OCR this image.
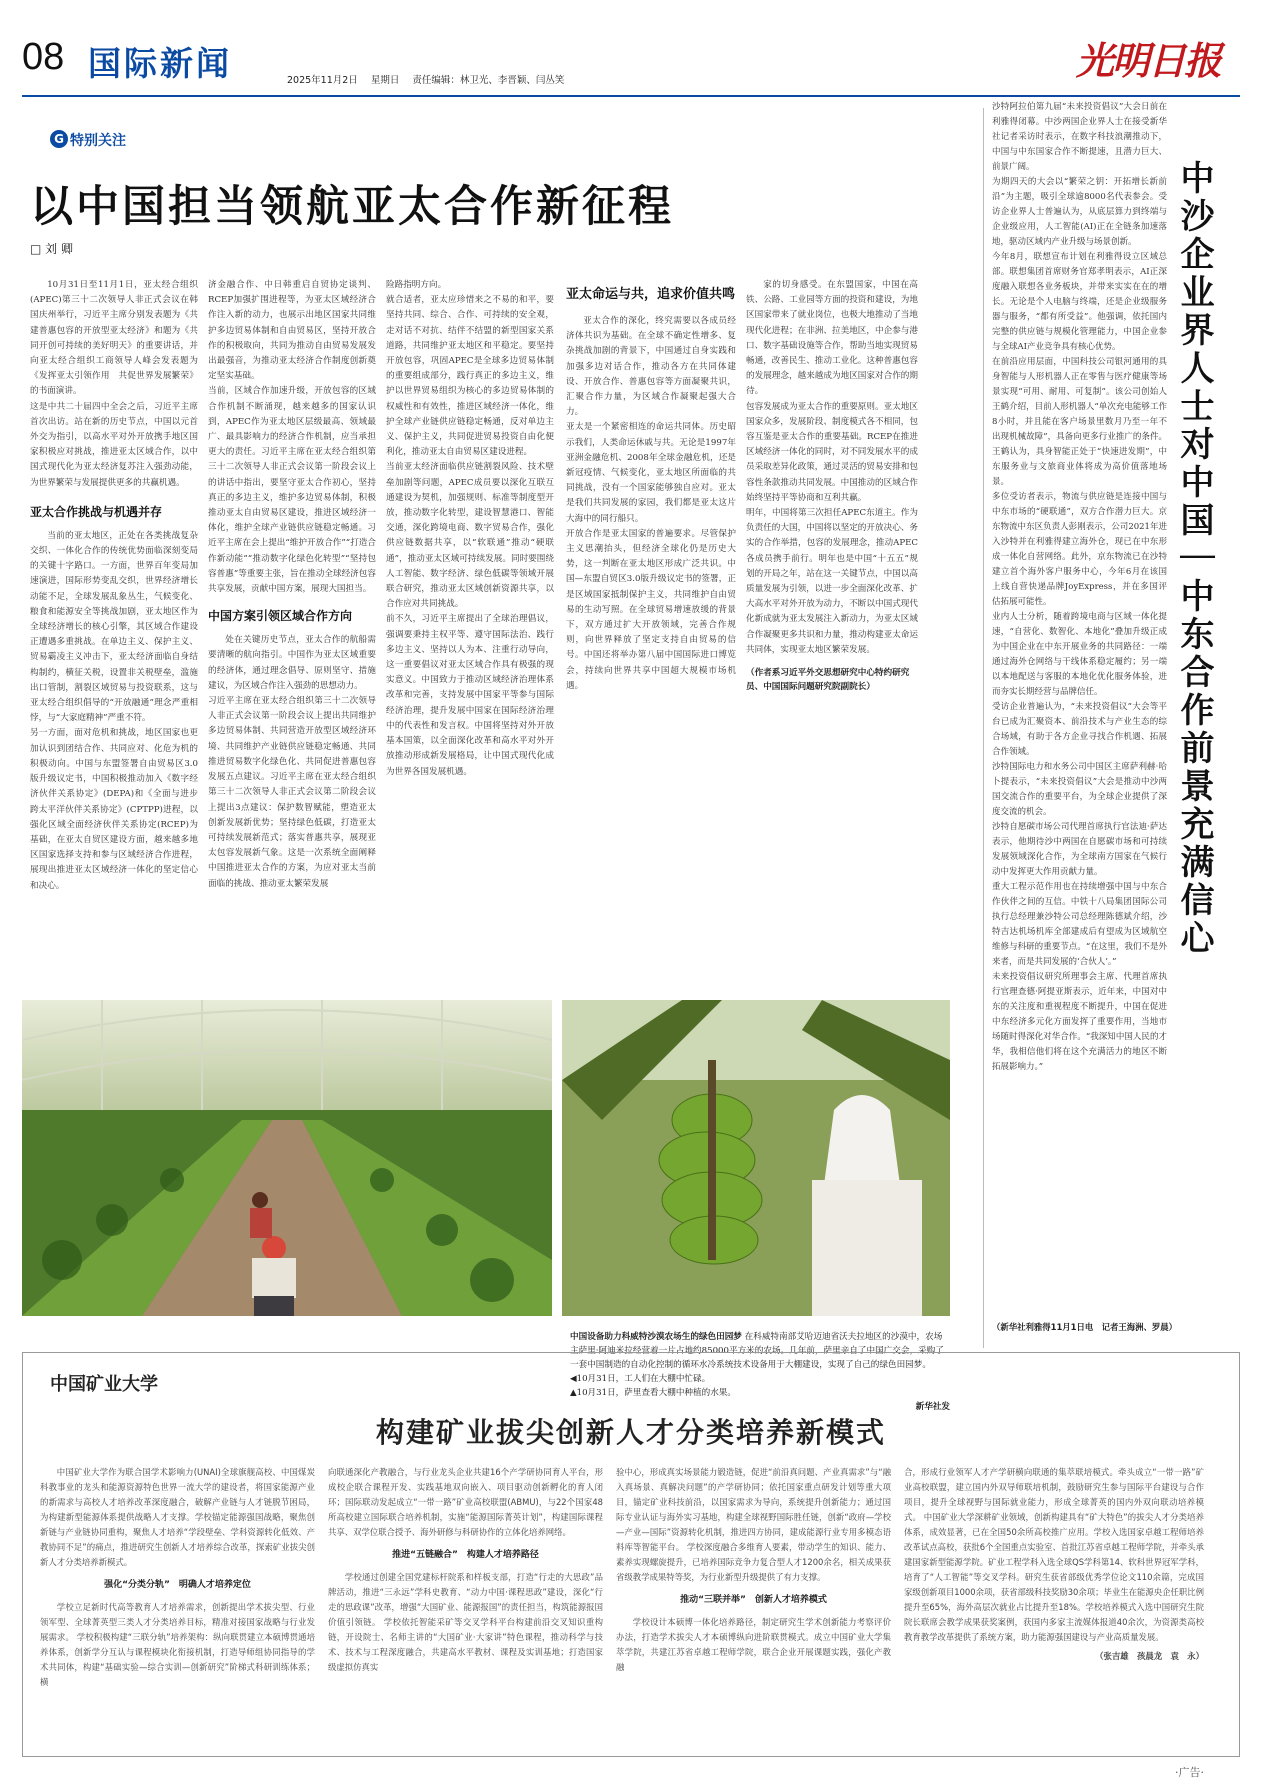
08 国际新闻	2025年11月2日 星期日 责任编辑：林卫光、李晋颖、闫丛笑	光明日报
G 特别关注
以中国担当领航亚太合作新征程
□ 刘 卿
10月31日至11月1日，亚太经合组织(APEC)第三十二次领导人非正式会议在韩国庆州举行，习近平主席分别发表题为《共建普惠包容的开放型亚太经济》和题为《共同开创可持续的美好明天》的重要讲话，并向亚太经合组织工商领导人峰会发表题为《发挥亚太引领作用　共促世界发展繁荣》的书面演讲。
这是中共二十届四中全会之后，习近平主席首次出访。站在新的历史节点，中国以元首外交为指引，以高水平对外开放携手地区国家积极应对挑战，推进亚太区域合作，以中国式现代化为亚太经济复苏注入强劲动能，为世界繁荣与发展提供更多的共赢机遇。
亚太合作挑战与机遇并存
当前的亚太地区，正处在各类挑战复杂交织、一体化合作的传统优势面临深刻变局的关键十字路口。一方面，世界百年变局加速演进，国际形势变乱交织，世界经济增长动能不足，全球发展乱象丛生，气候变化、粮食和能源安全等挑战加剧，亚太地区作为全球经济增长的核心引擎，其区域合作建设正遭遇多重挑战。在单边主义、保护主义、贸易霸凌主义冲击下，亚太经济面临自身结构制约，横征关税，设置非关税壁垒，滥施出口管制，割裂区域贸易与投资联系，这与亚太经合组织倡导的“开放融通”理念严重相悖，与“大家庭精神”严重不符。
另一方面，面对危机和挑战，地区国家也更加认识到团结合作、共同应对、化危为机的积极动向。中国与东盟签署自由贸易区3.0版升级议定书，中国积极推动加入《数字经济伙伴关系协定》(DEPA)和《全面与进步跨太平洋伙伴关系协定》(CPTPP)进程，以强化区域全面经济伙伴关系协定(RCEP)为基础，在亚太自贸区建设方面，越来越多地区国家选择支持和参与区域经济合作进程，展现出推进亚太区域经济一体化的坚定信心和决心。
济金融合作、中日韩重启自贸协定谈判、RCEP加强扩围进程等，为亚太区域经济合作注入新的动力，也展示出地区国家共同维护多边贸易体制和自由贸易区，坚持开放合作的积极取向，共同为推动自由贸易发展发出最强音，为推动亚太经济合作制度创新奠定坚实基础。
当前，区域合作加速升级，开放包容的区域合作机制不断涌现，越来越多的国家认识到，APEC作为亚太地区层级最高、领域最广、最具影响力的经济合作机制，应当承担更大的责任。习近平主席在亚太经合组织第三十二次领导人非正式会议第一阶段会议上的讲话中指出，要坚守亚太合作初心，坚持真正的多边主义，维护多边贸易体制，积极推动亚太自由贸易区建设，推进区域经济一体化，维护全球产业链供应链稳定畅通。习近平主席在会上提出“维护开放合作”“打造合作新动能”“推动数字化绿色化转型”“坚持包容普惠”等重要主张，旨在推动全球经济包容共享发展，贡献中国方案，展现大国担当。
中国方案引领区域合作方向
处在关键历史节点，亚太合作的航船需要清晰的航向指引。中国作为亚太区域重要的经济体，通过理念倡导、原则坚守、措施建议，为区域合作注入强劲的思想动力。
习近平主席在亚太经合组织第三十二次领导人非正式会议第一阶段会议上提出共同维护多边贸易体制、共同营造开放型区域经济环境、共同维护产业链供应链稳定畅通、共同推进贸易数字化绿色化、共同促进普惠包容发展五点建议。习近平主席在亚太经合组织第三十二次领导人非正式会议第二阶段会议上提出3点建议：保护数智赋能，塑造亚太创新发展新优势；坚持绿色低碳，打造亚太可持续发展新范式；落实普惠共享，展现亚太包容发展新气象。这是一次系统全面阐释中国推进亚太合作的方案，为应对亚太当前面临的挑战、推动亚太繁荣发展
险路指明方向。
就合适者，亚太应珍惜来之不易的和平，要坚持共同、综合、合作、可持续的安全观，走对话不对抗、结伴不结盟的新型国家关系道路，共同维护亚太地区和平稳定。要坚持开放包容，巩固APEC是全球多边贸易体制的重要组成部分，践行真正的多边主义，维护以世界贸易组织为核心的多边贸易体制的权威性和有效性，推进区域经济一体化，维护全球产业链供应链稳定畅通，反对单边主义、保护主义，共同促进贸易投资自由化便利化，推动亚太自由贸易区建设进程。
当前亚太经济面临供应链割裂风险、技术壁垒加剧等问题，APEC成员要以深化互联互通建设为契机，加强规则、标准等制度型开放，推动数字化转型，建设智慧港口、智能交通，深化跨境电商、数字贸易合作，强化供应链数据共享，以“软联通”推动“硬联通”，推动亚太区域可持续发展。同时要围绕人工智能、数字经济、绿色低碳等领域开展联合研究，推动亚太区域创新资源共享，以合作应对共同挑战。
前不久，习近平主席提出了全球治理倡议，强调要秉持主权平等、遵守国际法治、践行多边主义、坚持以人为本、注重行动导向，这一重要倡议对亚太区域合作具有极强的现实意义。中国致力于推动区域经济治理体系改革和完善，支持发展中国家平等参与国际经济治理，提升发展中国家在国际经济治理中的代表性和发言权。中国将坚持对外开放基本国策，以全面深化改革和高水平对外开放推动形成新发展格局，让中国式现代化成为世界各国发展机遇。
亚太命运与共，追求价值共鸣
亚太合作的深化，终究需要以各成员经济体共识为基础。在全球不确定性增多、复杂挑战加剧的背景下，中国通过自身实践和加强多边对话合作，推动各方在共同体建设、开放合作、普惠包容等方面凝聚共识，汇聚合作力量，为区域合作凝聚起强大合力。
亚太是一个紧密相连的命运共同体。历史昭示我们，人类命运休戚与共。无论是1997年亚洲金融危机、2008年全球金融危机，还是新冠疫情、气候变化，亚太地区所面临的共同挑战，没有一个国家能够独自应对。亚太是我们共同发展的家园，我们都是亚太这片大海中的同行船只。
开放合作是亚太国家的普遍要求。尽管保护主义思潮抬头，但经济全球化仍是历史大势，这一判断在亚太地区形成广泛共识。中国—东盟自贸区3.0版升级议定书的签署，正是区域国家抵制保护主义，共同维护自由贸易的生动写照。在全球贸易增速放缓的背景下，双方通过扩大开放领域，完善合作规则，向世界释放了坚定支持自由贸易的信号。中国还将举办第八届中国国际进口博览会，持续向世界共享中国超大规模市场机遇。
家的切身感受。在东盟国家，中国在高铁、公路、工业园等方面的投资和建设，为地区国家带来了就业岗位，也极大地推动了当地现代化进程；在非洲、拉美地区，中企参与港口、数字基础设施等合作，帮助当地实现贸易畅通，改善民生、推动工业化。这种普惠包容的发展理念，越来越成为地区国家对合作的期待。
包容发展成为亚太合作的重要原则。亚太地区国家众多，发展阶段、制度模式各不相同，包容互鉴是亚太合作的重要基础。RCEP在推进区域经济一体化的同时，对不同发展水平的成员采取差异化政策，通过灵活的贸易安排和包容性条款推动共同发展。中国推动的区域合作始终坚持平等协商和互利共赢。
明年，中国将第三次担任APEC东道主。作为负责任的大国，中国将以坚定的开放决心、务实的合作举措，包容的发展理念，推动APEC各成员携手前行。明年也是中国“十五五”规划的开局之年，站在这一关键节点，中国以高质量发展为引领，以进一步全面深化改革、扩大高水平对外开放为动力，不断以中国式现代化新成就为亚太发展注入新动力，为亚太区域合作凝聚更多共识和力量，推动构建亚太命运共同体，实现亚太地区繁荣发展。
（作者系习近平外交思想研究中心特约研究员、中国国际问题研究院副院长）
中国设备助力科威特沙漠农场生的绿色田园梦 在科威特南部艾哈迈迪省沃夫拉地区的沙漠中，农场主萨里·阿迪米拉经营着一片占地约85000平方米的农场。几年前，萨里亲自了中国广交会，采购了一套中国制造的自动化控制的循环水冷系统技术设备用于大棚建设，实现了自己的绿色田园梦。
◀10月31日，工人们在大棚中忙碌。
▲10月31日，萨里查看大棚中种植的水果。
新华社发
沙特阿拉伯第九届“未来投资倡议”大会日前在利雅得闭幕。中沙两国企业界人士在接受新华社记者采访时表示，在数字科技浪潮推动下，中国与中东国家合作不断提速，且潜力巨大、前景广阔。
为期四天的大会以“繁荣之钥：开拓增长新前沿”为主题，吸引全球逾8000名代表参会。受访企业界人士普遍认为，从底层算力到终端与企业级应用，人工智能(AI)正在全链条加速落地，驱动区域内产业升级与场景创新。
今年8月，联想宣布计划在利雅得设立区域总部。联想集团首席财务官郑孝明表示，AI正深度融入联想各业务板块，并带来实实在在的增长。无论是个人电脑与终端，还是企业级服务器与服务，“都有所受益”。他强调，依托国内完整的供应链与规模化管理能力，中国企业参与全球AI产业竞争具有核心优势。
在前沿应用层面，中国科技公司银河通用的具身智能与人形机器人正在零售与医疗健康等场景实现“可用、耐用、可复制”。该公司创始人王鹤介绍，目前人形机器人“单次充电能够工作8小时，并且能在客户场景里数月乃至一年不出现机械故障”，具备向更多行业推广的条件。王鹤认为，具身智能正处于“快速进发期”，中东服务业与文旅商业体将成为高价值落地场景。
多位受访者表示，物流与供应链是连接中国与中东市场的“硬联通”，双方合作潜力巨大。京东物流中东区负责人彭刚表示，公司2021年进入沙特并在利雅得建立海外仓，现已在中东形成一体化自营网络。此外，京东物流已在沙特建立首个海外客户服务中心，今年6月在该国上线自营快递品牌JoyExpress，并在多国评估拓展可能性。
业内人士分析，随着跨境电商与区域一体化提速，“自营化、数智化、本地化”叠加升级正成为中国企业在中东开展业务的共同路径：一端通过海外仓网络与干线体系稳定履约；另一端以本地配送与客服的本地化优化服务体验，进而夯实长期经营与品牌信任。
受访企业普遍认为，“未来投资倡议”大会等平台已成为汇聚资本、前沿技术与产业生态的综合场域，有助于各方企业寻找合作机遇、拓展合作领域。
沙特国际电力和水务公司中国区主席萨利赫·哈卜提表示，“未来投资倡议”大会是推动中沙两国交流合作的重要平台，为全球企业提供了深度交流的机会。
沙特自愿碳市场公司代理首席执行官法迪·萨达表示，他期待沙中两国在自愿碳市场和可持续发展领域深化合作，为全球南方国家在气候行动中发挥更大作用贡献力量。
重大工程示范作用也在持续增强中国与中东合作伙伴之间的互信。中铁十八局集团国际公司执行总经理兼沙特公司总经理陈德斌介绍，沙特吉达机场机库全部建成后有望成为区域航空维修与科研的重要节点。“在这里，我们不是外来者，而是共同发展的‘合伙人’。”
未来投资倡议研究所理事会主席、代理首席执行官理查德·阿提亚斯表示，近年来，中国对中东的关注度和重视程度不断提升，中国在促进中东经济多元化方面发挥了重要作用，当地市场随时得深化对华合作。“我深知中国人民的才华，我相信他们将在这个充满活力的地区不断拓展影响力。”
中沙企业界人士对中国｜中东合作前景充满信心
（新华社利雅得11月1日电　记者王海洲、罗晨）
中国矿业大学
构建矿业拔尖创新人才分类培养新模式
中国矿业大学作为联合国学术影响力(UNAI)全球旗舰高校、中国煤炭科教事业的龙头和能源资源特色世界一流大学的建设者，将国家能源产业的新需求与高校人才培养改革深度融合，破解产业链与人才链脱节困局，为构建新型能源体系提供战略人才支撑。学校锚定能源强国战略，聚焦创新链与产业链协同重构，聚焦人才培养“学段壁垒、学科资源转化低效、产教协同不足”的痛点，推进研究生创新人才培养综合改革，探索矿业拔尖创新人才分类培养新模式。
强化“分类分轨”　明确人才培养定位
学校立足新时代高等教育人才培养需求，创新提出学术拔尖型、行业领军型、全球菁英型三类人才分类培养目标，精准对接国家战略与行业发展需求。 学校积极构建“三联分轨”培养架构：纵向联贯建立本硕博贯通培养体系，创新学分互认与课程模块化衔接机制，打造导师组协同指导的学术共同体，构建“基础实验—综合实训—创新研究”阶梯式科研训练体系；横
向联通深化产教融合，与行业龙头企业共建16个产学研协同育人平台，形成校企联合课程开发、实践基地双向嵌入、项目驱动创新孵化的育人闭环；国际联动发起成立“一带一路”矿业高校联盟(ABMU)，与22个国家48所高校建立国际联合培养机制，实施“能源国际菁英计划”，构建国际课程共享、双学位联合授予、海外研修与科研协作的立体化培养网络。
推进“五链融合”　构建人才培养路径
学校通过创建全国党建标杆院系和样板支部，打造“行走的大思政”品牌活动，推进“三永远”学科史教育、“动力中国·课程思政”建设，深化“行走的思政课”改革，增强“大国矿业、能源报国”的责任担当，构筑能源报国价值引领链。 学校依托智能采矿等交叉学科平台构建前沿交叉知识重构链，开设院士、名师主讲的“大国矿业·大家讲”特色课程，推动科学与技术、技术与工程深度融合，共建高水平教材、课程及实训基地；打造国家级虚拟仿真实
验中心，形成真实场景能力锻造链，促进“前沿真问题、产业真需求”与“融入真场景、真解决问题”的产学研协同；依托国家重点研发计划等重大项目，锚定矿业科技前沿，以国家需求为导向，系统提升创新能力；通过国际专业认证与海外实习基地，构建全球视野国际胜任链，创新“政府—学校—产业—国际”资源转化机制，推进四方协同，建成能源行业专用多模态语料库等智能平台。 学校深度融合多维育人要素，带动学生的知识、能力、素养实现螺旋提升，已培养国际竞争力复合型人才1200余名，相关成果获省级教学成果特等奖，为行业新型升级提供了有力支撑。
推动“三联并举”　创新人才培养模式
学校设计本硕博一体化培养路径，制定研究生学术创新能力考察评价办法，打造学术拔尖人才本硕博纵向进阶联贯模式。成立中国矿业大学集萃学院，共建江苏省卓越工程师学院，联合企业开展课题实践，强化产教融
合，形成行业领军人才产学研横向联通的集萃联培模式。牵头成立“一带一路”矿业高校联盟，建立国内外双导师联培机制，鼓励研究生参与国际平台建设与合作项目，提升全球视野与国际就业能力，形成全球菁英的国内外双向联动培养模式。 中国矿业大学深耕矿业领域，创新构建具有“矿大特色”的拔尖人才分类培养体系，成效显著，已在全国50余所高校推广应用。学校入选国家卓越工程师培养改革试点高校，获批6个全国重点实验室、首批江苏省卓越工程师学院，并牵头承建国家新型能源学院。矿业工程学科入选全球QS学科第14、软科世界冠军学科，培育了“人工智能”等交叉学科。研究生获省部级优秀学位论文110余篇，完成国家级创新项目1000余项，获省部级科技奖励30余项；毕业生在能源央企任职比例提升至65%，海外高层次就业占比提升至18%。学校培养模式入选中国研究生院院长联席会教学成果获奖案例，获国内多家主流媒体报道40余次，为资源类高校教育教学改革提供了系统方案，助力能源强国建设与产业高质量发展。
（张吉雄　孩晨龙　袁　永）
·广告·
